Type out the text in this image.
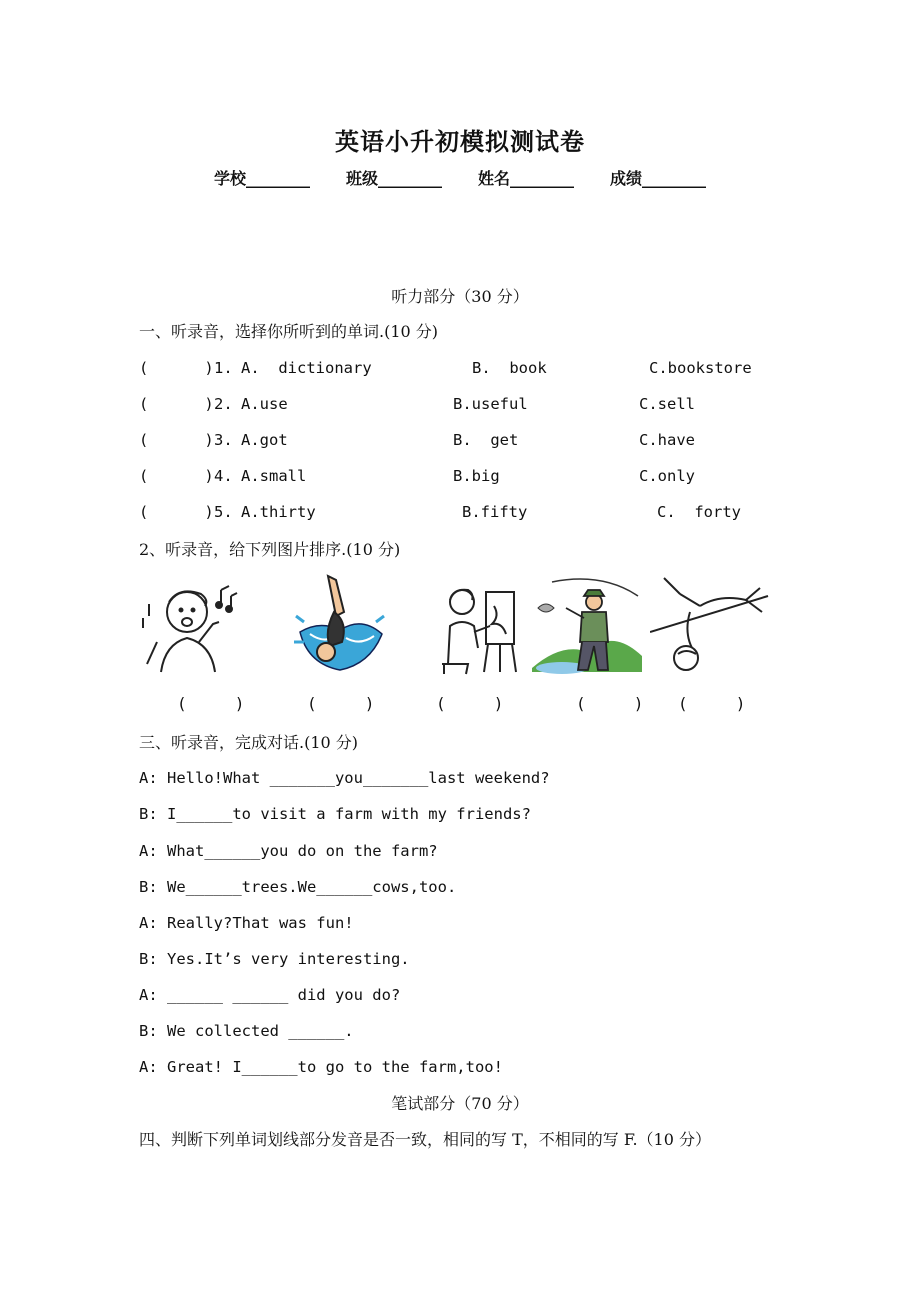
英语小升初模拟测试卷
学校________ 班级________ 姓名________ 成绩________
听力部分（30 分）
一、听录音，选择你所听到的单词.(10 分)
(      ) 1. A.  dictionary	B.  book	C.bookstore
(      ) 2. A.use	B.useful	C.sell
(      ) 3. A.got	B.  get	C.have
(      ) 4. A.small	B.big	C.only
(      ) 5. A.thirty	B.fifty	C.  forty
2、听录音，给下列图片排序.(10 分)
(     )	(     )	(     )	(     ) (     )
三、听录音，完成对话.(10 分)
A: Hello!What _______you_______last weekend?
B: I______to visit a farm with my friends?
A: What______you do on the farm?
B: We______trees.We______cows,too.
A: Really?That was fun!
B: Yes.It’s very interesting.
A: ______ ______ did you do?
B: We collected ______.
A: Great! I______to go to the farm,too!
笔试部分（70 分）
四、判断下列单词划线部分发音是否一致，相同的写 T，不相同的写 F.（10 分）
